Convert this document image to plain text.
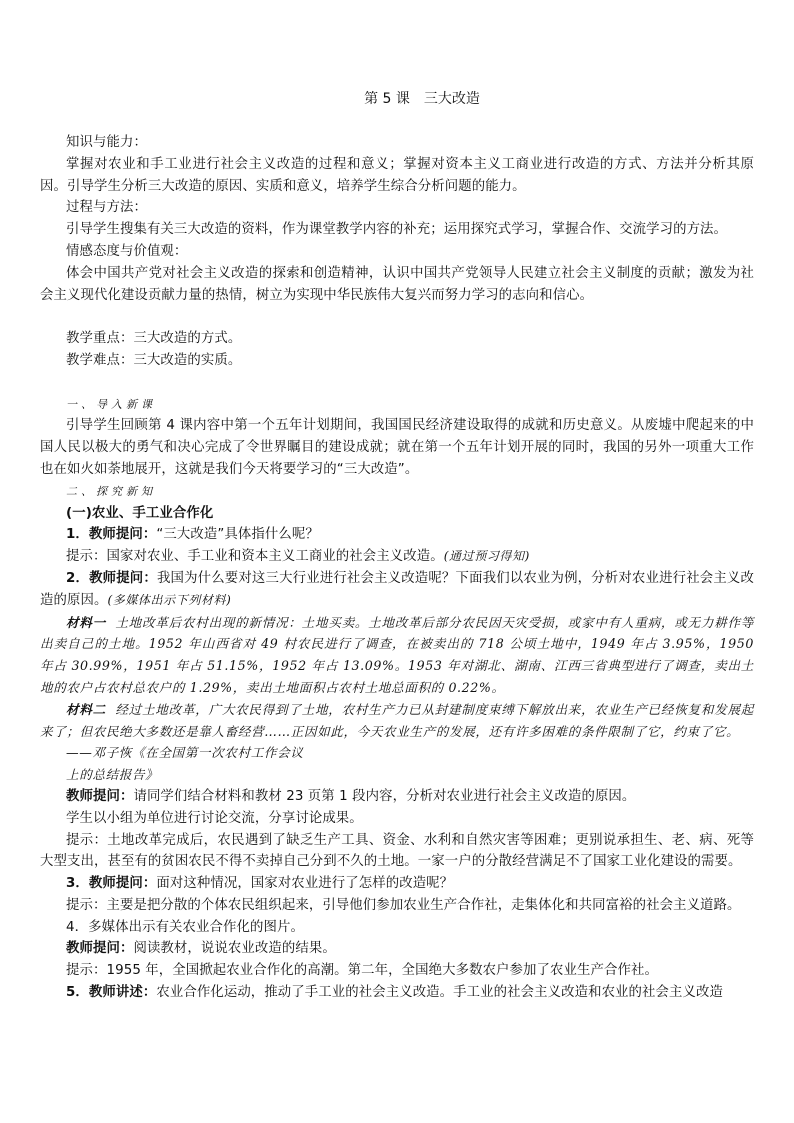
第 5 课　三大改造

知识与能力：

掌握对农业和手工业进行社会主义改造的过程和意义；掌握对资本主义工商业进行改造的方式、方法并分析其原因。引导学生分析三大改造的原因、实质和意义，培养学生综合分析问题的能力。

过程与方法：

引导学生搜集有关三大改造的资料，作为课堂教学内容的补充；运用探究式学习，掌握合作、交流学习的方法。

情感态度与价值观：

体会中国共产党对社会主义改造的探索和创造精神，认识中国共产党领导人民建立社会主义制度的贡献；激发为社会主义现代化建设贡献力量的热情，树立为实现中华民族伟大复兴而努力学习的志向和信心。

教学重点：三大改造的方式。

教学难点：三大改造的实质。

一、导入新课

引导学生回顾第 4 课内容中第一个五年计划期间，我国国民经济建设取得的成就和历史意义。从废墟中爬起来的中国人民以极大的勇气和决心完成了令世界瞩目的建设成就；就在第一个五年计划开展的同时，我国的另外一项重大工作也在如火如荼地展开，这就是我们今天将要学习的“三大改造”。

二、探究新知

(一)农业、手工业合作化

1．教师提问：“三大改造”具体指什么呢？

提示：国家对农业、手工业和资本主义工商业的社会主义改造。(通过预习得知)

2．教师提问：我国为什么要对这三大行业进行社会主义改造呢？下面我们以农业为例，分析对农业进行社会主义改造的原因。(多媒体出示下列材料)

材料一 土地改革后农村出现的新情况：土地买卖。土地改革后部分农民因天灾受损，或家中有人重病，或无力耕作等出卖自己的土地。1952 年山西省对 49 村农民进行了调查，在被卖出的 718 公顷土地中，1949 年占 3.95%，1950 年占 30.99%，1951 年占 51.15%，1952 年占 13.09%。1953 年对湖北、湖南、江西三省典型进行了调查，卖出土地的农户占农村总农户的 1.29%，卖出土地面积占农村土地总面积的 0.22%。

材料二 经过土地改革，广大农民得到了土地，农村生产力已从封建制度束缚下解放出来，农业生产已经恢复和发展起来了；但农民绝大多数还是靠人畜经营……正因如此，今天农业生产的发展，还有许多困难的条件限制了它，约束了它。

——邓子恢《在全国第一次农村工作会议

上的总结报告》

教师提问：请同学们结合材料和教材 23 页第 1 段内容，分析对农业进行社会主义改造的原因。

学生以小组为单位进行讨论交流，分享讨论成果。

提示：土地改革完成后，农民遇到了缺乏生产工具、资金、水利和自然灾害等困难；更别说承担生、老、病、死等大型支出，甚至有的贫困农民不得不卖掉自己分到不久的土地。一家一户的分散经营满足不了国家工业化建设的需要。

3．教师提问：面对这种情况，国家对农业进行了怎样的改造呢？

提示：主要是把分散的个体农民组织起来，引导他们参加农业生产合作社，走集体化和共同富裕的社会主义道路。

4．多媒体出示有关农业合作化的图片。

教师提问：阅读教材，说说农业改造的结果。

提示：1955 年，全国掀起农业合作化的高潮。第二年，全国绝大多数农户参加了农业生产合作社。

5．教师讲述：农业合作化运动，推动了手工业的社会主义改造。手工业的社会主义改造和农业的社会主义改造
